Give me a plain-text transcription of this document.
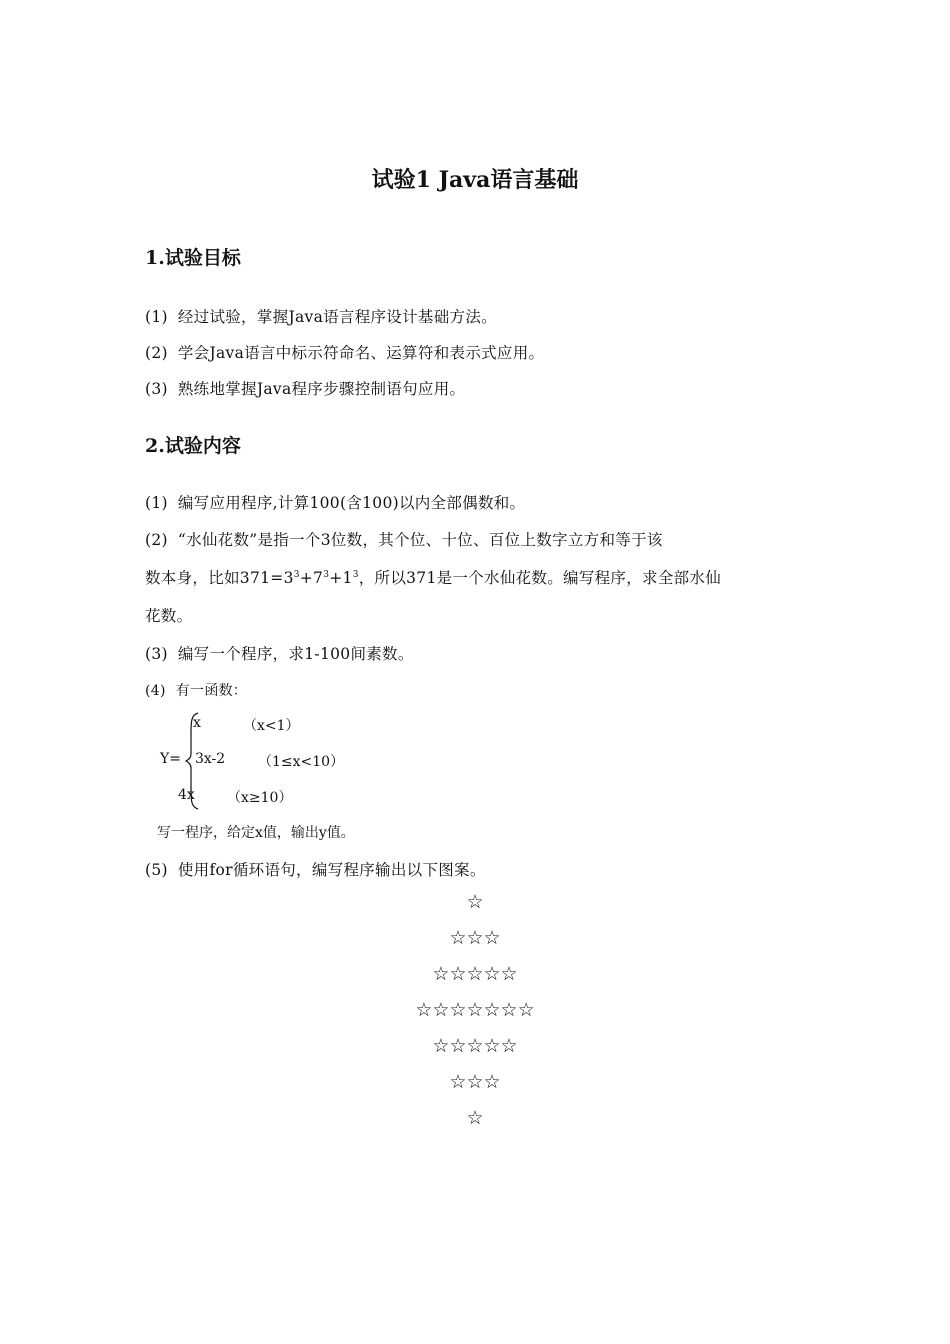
试验1 Java语言基础
1.试验目标
(1) 经过试验，掌握Java语言程序设计基础方法。
(2) 学会Java语言中标示符命名、运算符和表示式应用。
(3) 熟练地掌握Java程序步骤控制语句应用。
2.试验内容
(1) 编写应用程序,计算100(含100)以内全部偶数和。
(2) “水仙花数”是指一个3位数，其个位、十位、百位上数字立方和等于该
数本身，比如$371=3^3+7^3+1^3$，所以371是一个水仙花数。编写程序，求全部水仙
花数。
(3) 编写一个程序，求1-100间素数。
(4) 有一函数：
Y=
x	（x<1）
3x-2 （1≤x<10）
4x （x≥10）
写一程序，给定x值，输出y值。
(5) 使用for循环语句，编写程序输出以下图案。
☆
☆☆☆
☆☆☆☆☆
☆☆☆☆☆☆☆
☆☆☆☆☆
☆☆☆
☆
